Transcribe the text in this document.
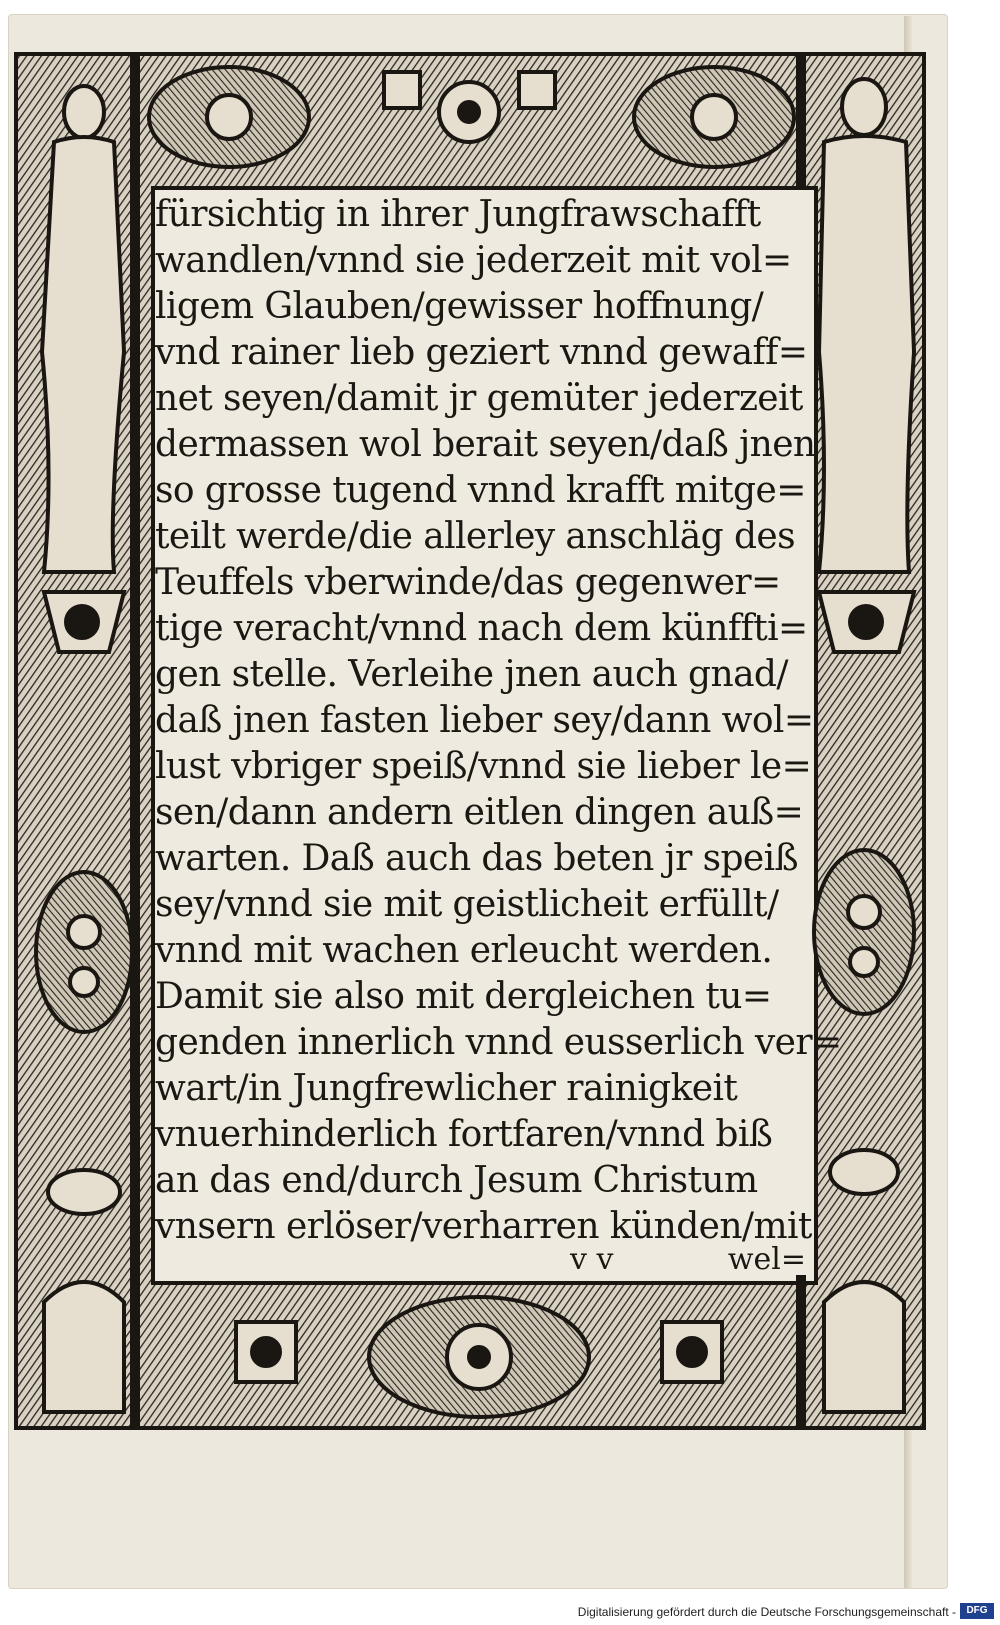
fürsichtig in ihrer Jungfrawschafft
wandlen/vnnd sie jederzeit mit vol=
ligem Glauben/gewisser hoffnung/
vnd rainer lieb geziert vnnd gewaff=
net seyen/damit jr gemüter jederzeit
dermassen wol berait seyen/daß jnen
so grosse tugend vnnd krafft mitge=
teilt werde/die allerley anschläg des
Teuffels vberwinde/das gegenwer=
tige veracht/vnnd nach dem künffti=
gen stelle. Verleihe jnen auch gnad/
daß jnen fasten lieber sey/dann wol=
lust vbriger speiß/vnnd sie lieber le=
sen/dann andern eitlen dingen auß=
warten. Daß auch das beten jr speiß
sey/vnnd sie mit geistlicheit erfüllt/
vnnd mit wachen erleucht werden.
Damit sie also mit dergleichen tu=
genden innerlich vnnd eusserlich ver=
wart/in Jungfrewlicher rainigkeit
vnuerhinderlich fortfaren/vnnd biß
an das end/durch Jesum Christum
vnsern erlöser/verharren künden/mit
v v	wel=
Digitalisierung gefördert durch die Deutsche Forschungsgemeinschaft -	DFG
